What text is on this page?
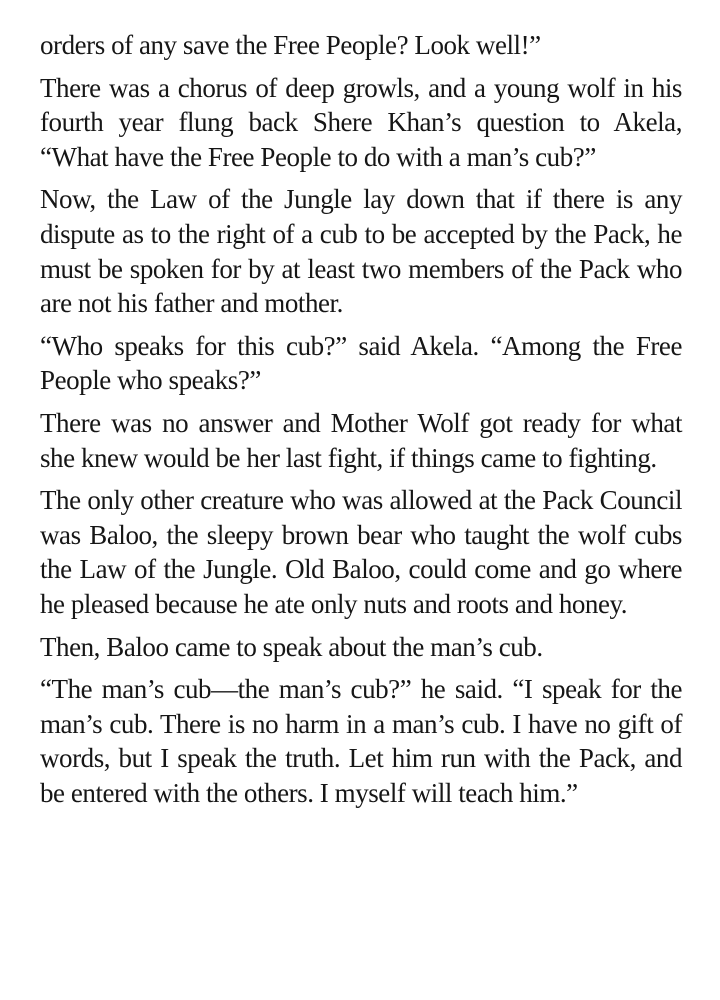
orders of any save the Free People? Look well!”

There was a chorus of deep growls, and a young wolf in his fourth year flung back Shere Khan’s question to Akela, “What have the Free People to do with a man’s cub?”

Now, the Law of the Jungle lay down that if there is any dispute as to the right of a cub to be accepted by the Pack, he must be spoken for by at least two members of the Pack who are not his father and mother.

“Who speaks for this cub?” said Akela. “Among the Free People who speaks?”

There was no answer and Mother Wolf got ready for what she knew would be her last fight, if things came to fighting.

The only other creature who was allowed at the Pack Council was Baloo, the sleepy brown bear who taught the wolf cubs the Law of the Jungle. Old Baloo, could come and go where he pleased because he ate only nuts and roots and honey.

Then, Baloo came to speak about the man’s cub.

“The man’s cub—the man’s cub?” he said. “I speak for the man’s cub. There is no harm in a man’s cub. I have no gift of words, but I speak the truth. Let him run with the Pack, and be entered with the others. I myself will teach him.”
